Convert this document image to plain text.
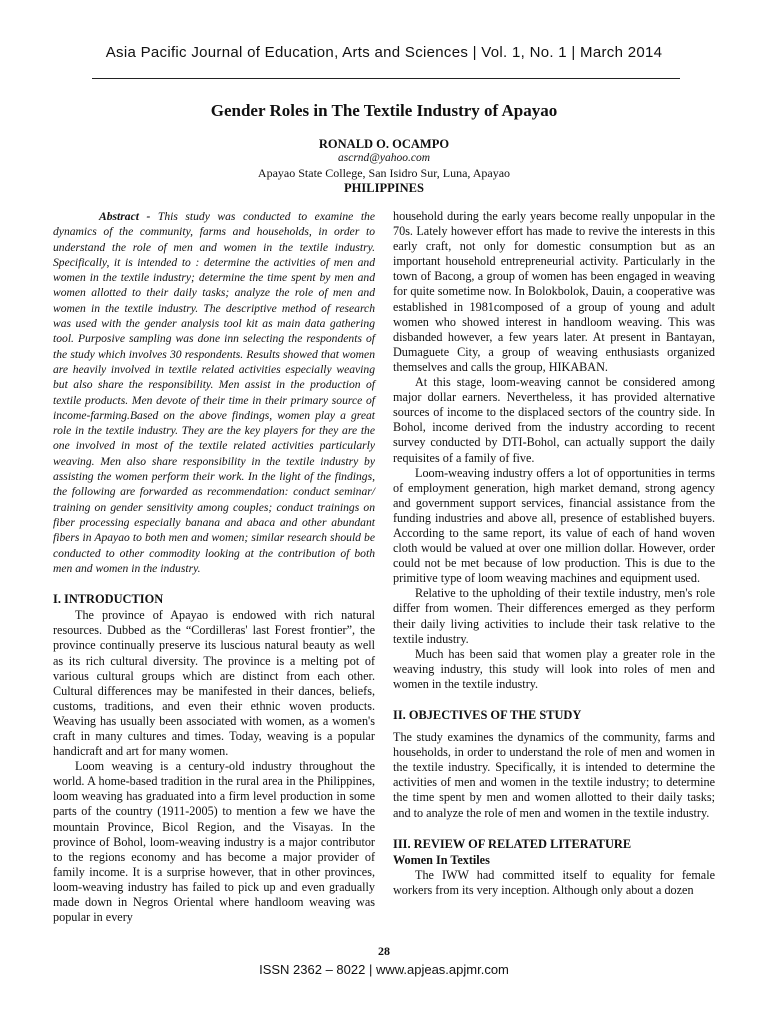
Asia Pacific Journal of Education, Arts and Sciences | Vol. 1, No. 1 | March 2014
Gender Roles in The Textile Industry of Apayao
RONALD O. OCAMPO
ascrnd@yahoo.com
Apayao State College, San Isidro Sur, Luna, Apayao
PHILIPPINES

Abstract - This study was conducted to examine the dynamics of the community, farms and households, in order to understand the role of men and women in the textile industry. Specifically, it is intended to : determine the activities of men and women in the textile industry; determine the time spent by men and women allotted to their daily tasks; analyze the role of men and women in the textile industry. The descriptive method of research was used with the gender analysis tool kit as main data gathering tool. Purposive sampling was done inn selecting the respondents of the study which involves 30 respondents. Results showed that women are heavily involved in textile related activities especially weaving but also share the responsibility. Men assist in the production of textile products. Men devote of their time in their primary source of income-farming.Based on the above findings, women play a great role in the textile industry. They are the key players for they are the one involved in most of the textile related activities particularly weaving. Men also share responsibility in the textile industry by assisting the women perform their work. In the light of the findings, the following are forwarded as recommendation: conduct seminar/ training on gender sensitivity among couples; conduct trainings on fiber processing especially banana and abaca and other abundant fibers in Apayao to both men and women; similar research should be conducted to other commodity looking at the contribution of both men and women in the industry.

I. INTRODUCTION

The province of Apayao is endowed with rich natural resources. Dubbed as the “Cordilleras' last Forest frontier”, the province continually preserve its luscious natural beauty as well as its rich cultural diversity. The province is a melting pot of various cultural groups which are distinct from each other. Cultural differences may be manifested in their dances, beliefs, customs, traditions, and even their ethnic woven products. Weaving has usually been associated with women, as a women's craft in many cultures and times. Today, weaving is a popular handicraft and art for many women.

Loom weaving is a century-old industry throughout the world. A home-based tradition in the rural area in the Philippines, loom weaving has graduated into a firm level production in some parts of the country (1911-2005) to mention a few we have the mountain Province, Bicol Region, and the Visayas. In the province of Bohol, loom-weaving industry is a major contributor to the regions economy and has become a major provider of family income. It is a surprise however, that in other provinces, loom-weaving industry has failed to pick up and even gradually made down in Negros Oriental where handloom weaving was popular in every

household during the early years become really unpopular in the 70s. Lately however effort has made to revive the interests in this early craft, not only for domestic consumption but as an important household entrepreneurial activity. Particularly in the town of Bacong, a group of women has been engaged in weaving for quite sometime now. In Bolokbolok, Dauin, a cooperative was established in 1981composed of a group of young and adult women who showed interest in handloom weaving. This was disbanded however, a few years later. At present in Bantayan, Dumaguete City, a group of weaving enthusiasts organized themselves and calls the group, HIKABAN.

At this stage, loom-weaving cannot be considered among major dollar earners. Nevertheless, it has provided alternative sources of income to the displaced sectors of the country side. In Bohol, income derived from the industry according to recent survey conducted by DTI-Bohol, can actually support the daily requisites of a family of five.

Loom-weaving industry offers a lot of opportunities in terms of employment generation, high market demand, strong agency and government support services, financial assistance from the funding industries and above all, presence of established buyers. According to the same report, its value of each of hand woven cloth would be valued at over one million dollar. However, order could not be met because of low production. This is due to the primitive type of loom weaving machines and equipment used.

Relative to the upholding of their textile industry, men's role differ from women. Their differences emerged as they perform their daily living activities to include their task relative to the textile industry.

Much has been said that women play a greater role in the weaving industry, this study will look into roles of men and women in the textile industry.

II. OBJECTIVES OF THE STUDY

The study examines the dynamics of the community, farms and households, in order to understand the role of men and women in the textile industry. Specifically, it is intended to determine the activities of men and women in the textile industry; to determine the time spent by men and women allotted to their daily tasks; and to analyze the role of men and women in the textile industry.

III. REVIEW OF RELATED LITERATURE
Women In Textiles

The IWW had committed itself to equality for female workers from its very inception. Although only about a dozen

28
ISSN 2362 – 8022 | www.apjeas.apjmr.com
